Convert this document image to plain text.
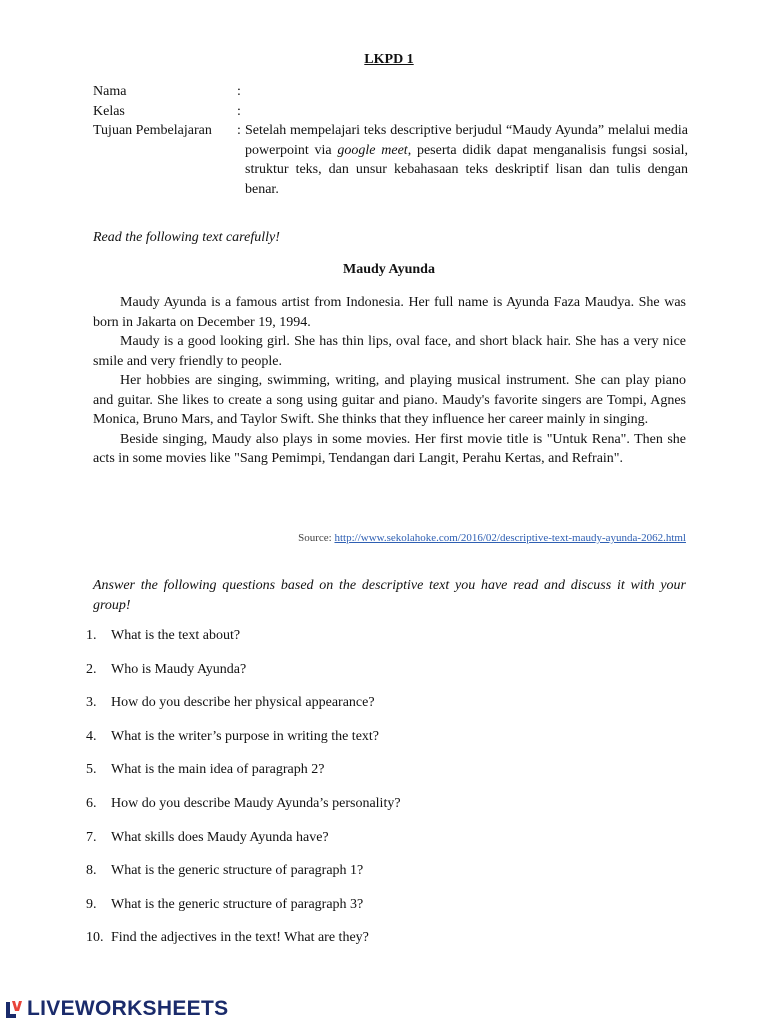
LKPD 1
Nama	:
Kelas	:
Tujuan Pembelajaran	: Setelah mempelajari teks descriptive berjudul “Maudy Ayunda” melalui media powerpoint via google meet, peserta didik dapat menganalisis fungsi sosial, struktur teks, dan unsur kebahasaan teks deskriptif lisan dan tulis dengan benar.
Read the following text carefully!
Maudy Ayunda

Maudy Ayunda is a famous artist from Indonesia. Her full name is Ayunda Faza Maudya. She was born in Jakarta on December 19, 1994.

Maudy is a good looking girl. She has thin lips, oval face, and short black hair. She has a very nice smile and very friendly to people.

Her hobbies are singing, swimming, writing, and playing musical instrument. She can play piano and guitar. She likes to create a song using guitar and piano. Maudy's favorite singers are Tompi, Agnes Monica, Bruno Mars, and Taylor Swift. She thinks that they influence her career mainly in singing.

Beside singing, Maudy also plays in some movies. Her first movie title is "Untuk Rena". Then she acts in some movies like "Sang Pemimpi, Tendangan dari Langit, Perahu Kertas, and Refrain".

Source: http://www.sekolahoke.com/2016/02/descriptive-text-maudy-ayunda-2062.html
Answer the following questions based on the descriptive text you have read and discuss it with your group!
1.	What is the text about?
2.	Who is Maudy Ayunda?
3.	How do you describe her physical appearance?
4.	What is the writer’s purpose in writing the text?
5.	What is the main idea of paragraph 2?
6.	How do you describe Maudy Ayunda’s personality?
7.	What skills does Maudy Ayunda have?
8.	What is the generic structure of paragraph 1?
9.	What is the generic structure of paragraph 3?
10. Find the adjectives in the text! What are they?
LIVEWORKSHEETS
